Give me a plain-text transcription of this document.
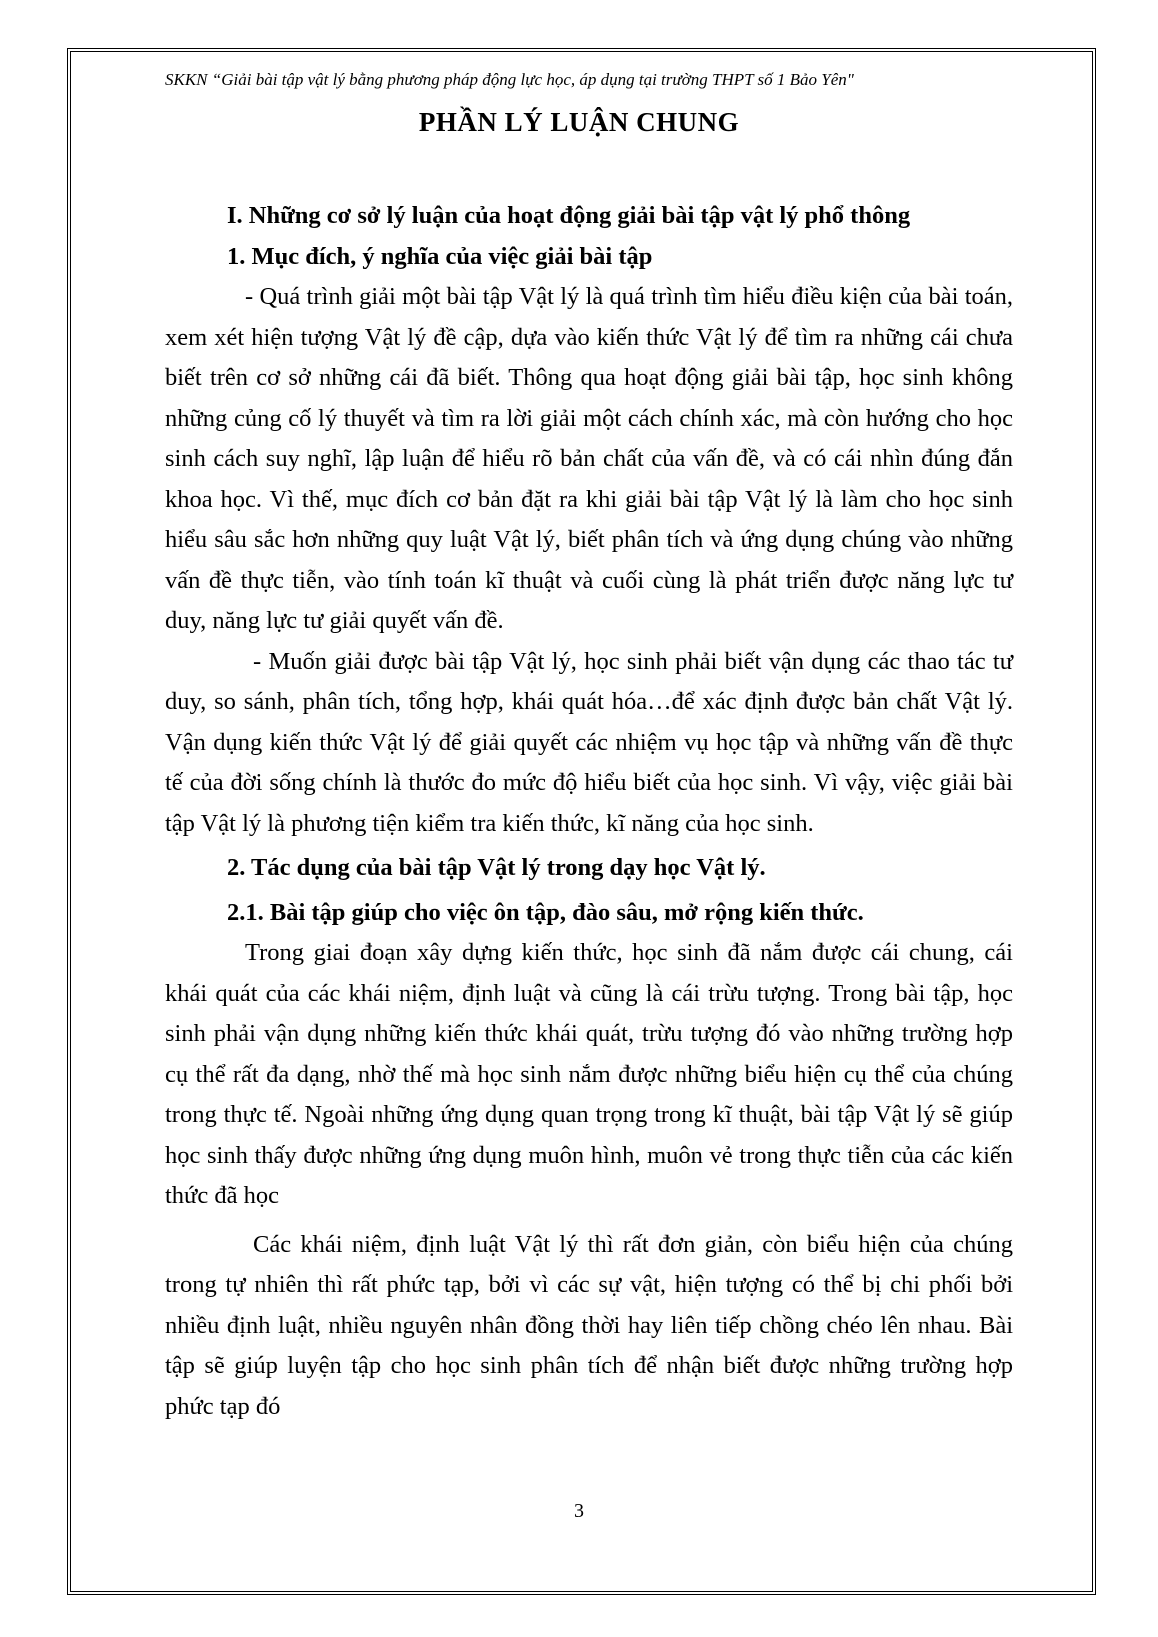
SKKN “Giải bài tập vật lý bằng phương pháp động lực học, áp dụng tại trường THPT số 1 Bảo Yên"
PHẦN LÝ LUẬN CHUNG

I. Những cơ sở lý luận của hoạt động giải bài tập vật lý phổ thông

1. Mục đích, ý nghĩa của việc giải bài tập

- Quá trình giải một bài tập Vật lý là quá trình tìm hiểu điều kiện của bài toán, xem xét hiện tượng Vật lý đề cập, dựa vào kiến thức Vật lý để tìm ra những cái chưa biết trên cơ sở những cái đã biết. Thông qua hoạt động giải bài tập, học sinh không những củng cố lý thuyết và tìm ra lời giải một cách chính xác, mà còn hướng cho học sinh cách suy nghĩ, lập luận để hiểu rõ bản chất của vấn đề, và có cái nhìn đúng đắn khoa học. Vì thế, mục đích cơ bản đặt ra khi giải bài tập Vật lý là làm cho học sinh hiểu sâu sắc hơn những quy luật Vật lý, biết phân tích và ứng dụng chúng vào những vấn đề thực tiễn, vào tính toán kĩ thuật và cuối cùng là phát triển được năng lực tư duy, năng lực tư giải quyết vấn đề.

- Muốn giải được bài tập Vật lý, học sinh phải biết vận dụng các thao tác tư duy, so sánh, phân tích, tổng hợp, khái quát hóa…để xác định được bản chất Vật lý. Vận dụng kiến thức Vật lý để giải quyết các nhiệm vụ học tập và những vấn đề thực tế của đời sống chính là thước đo mức độ hiểu biết của học sinh. Vì vậy, việc giải bài tập Vật lý là phương tiện kiểm tra kiến thức, kĩ năng của học sinh.

2. Tác dụng của bài tập Vật lý trong dạy học Vật lý.

2.1. Bài tập giúp cho việc ôn tập, đào sâu, mở rộng kiến thức.

Trong giai đoạn xây dựng kiến thức, học sinh đã nắm được cái chung, cái khái quát của các khái niệm, định luật và cũng là cái trừu tượng. Trong bài tập, học sinh phải vận dụng những kiến thức khái quát, trừu tượng đó vào những trường hợp cụ thể rất đa dạng, nhờ thế mà học sinh nắm được những biểu hiện cụ thể của chúng trong thực tế. Ngoài những ứng dụng quan trọng trong kĩ thuật, bài tập Vật lý sẽ giúp học sinh thấy được những ứng dụng muôn hình, muôn vẻ trong thực tiễn của các kiến thức đã học

Các khái niệm, định luật Vật lý thì rất đơn giản, còn biểu hiện của chúng trong tự nhiên thì rất phức tạp, bởi vì các sự vật, hiện tượng có thể bị chi phối bởi nhiều định luật, nhiều nguyên nhân đồng thời hay liên tiếp chồng chéo lên nhau. Bài tập sẽ giúp luyện tập cho học sinh phân tích để nhận biết được những trường hợp phức tạp đó

3
